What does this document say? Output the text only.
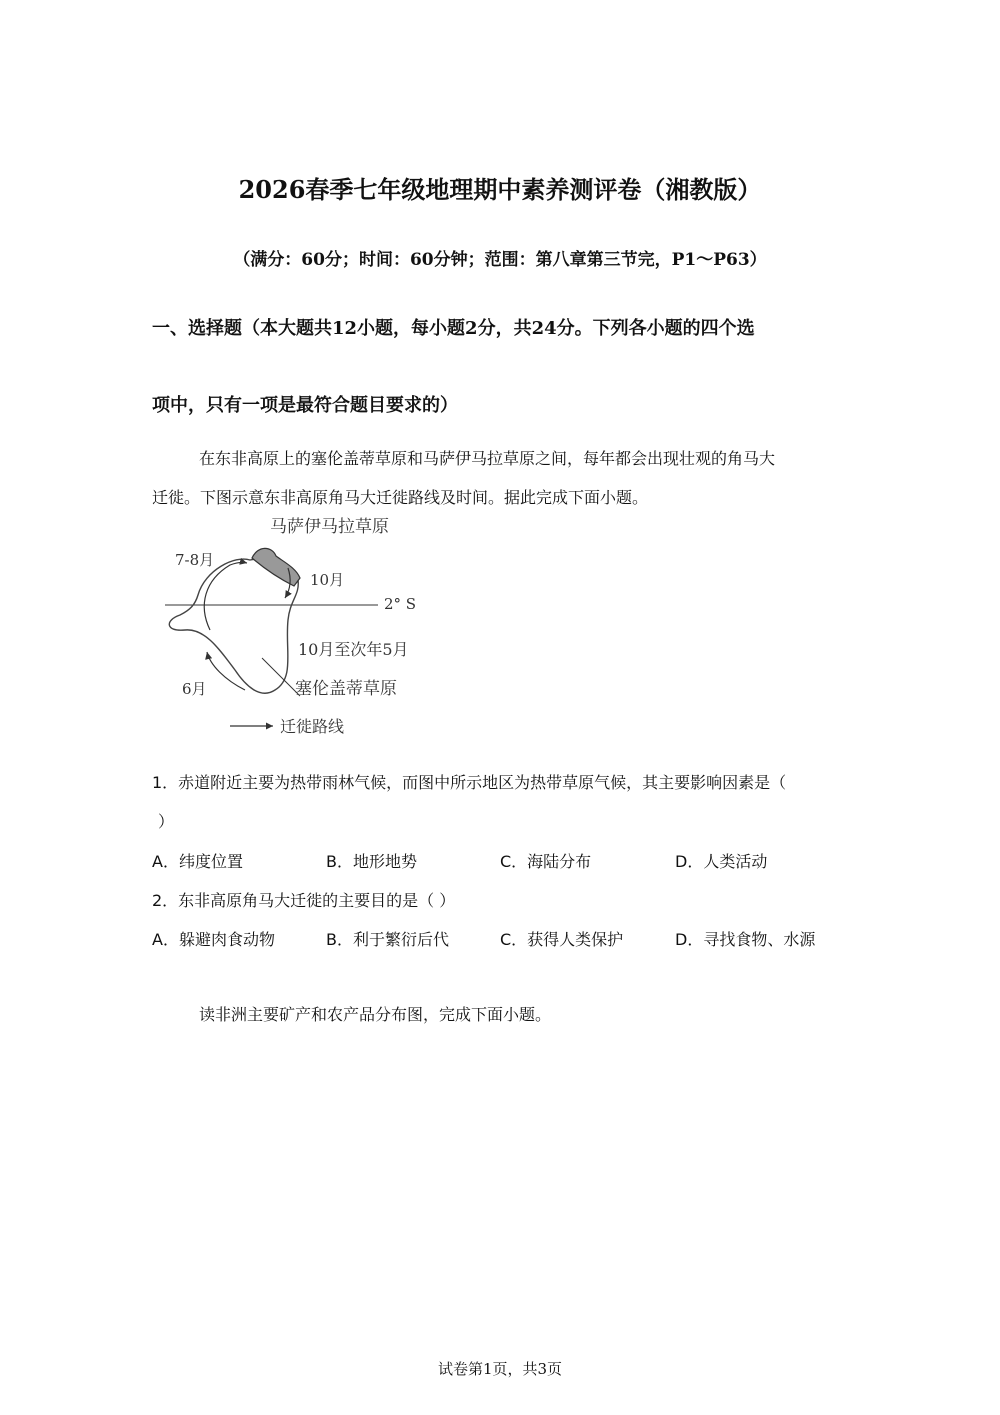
2026春季七年级地理期中素养测评卷（湘教版）
（满分：60分；时间：60分钟；范围：第八章第三节完，P1～P63）
一、选择题（本大题共12小题，每小题2分，共24分。下列各小题的四个选
项中，只有一项是最符合题目要求的）
在东非高原上的塞伦盖蒂草原和马萨伊马拉草原之间，每年都会出现壮观的角马大
迁徙。下图示意东非高原角马大迁徙路线及时间。据此完成下面小题。
马萨伊马拉草原
7-8月
10月
2° S
10月至次年5月
6月	塞伦盖蒂草原
迁徙路线
1．赤道附近主要为热带雨林气候，而图中所示地区为热带草原气候，其主要影响因素是（
）
A．纬度位置	B．地形地势	C．海陆分布	D．人类活动
2．东非高原角马大迁徙的主要目的是（ ）
A．躲避肉食动物	B．利于繁衍后代	C．获得人类保护	D．寻找食物、水源
读非洲主要矿产和农产品分布图，完成下面小题。
试卷第1页，共3页
